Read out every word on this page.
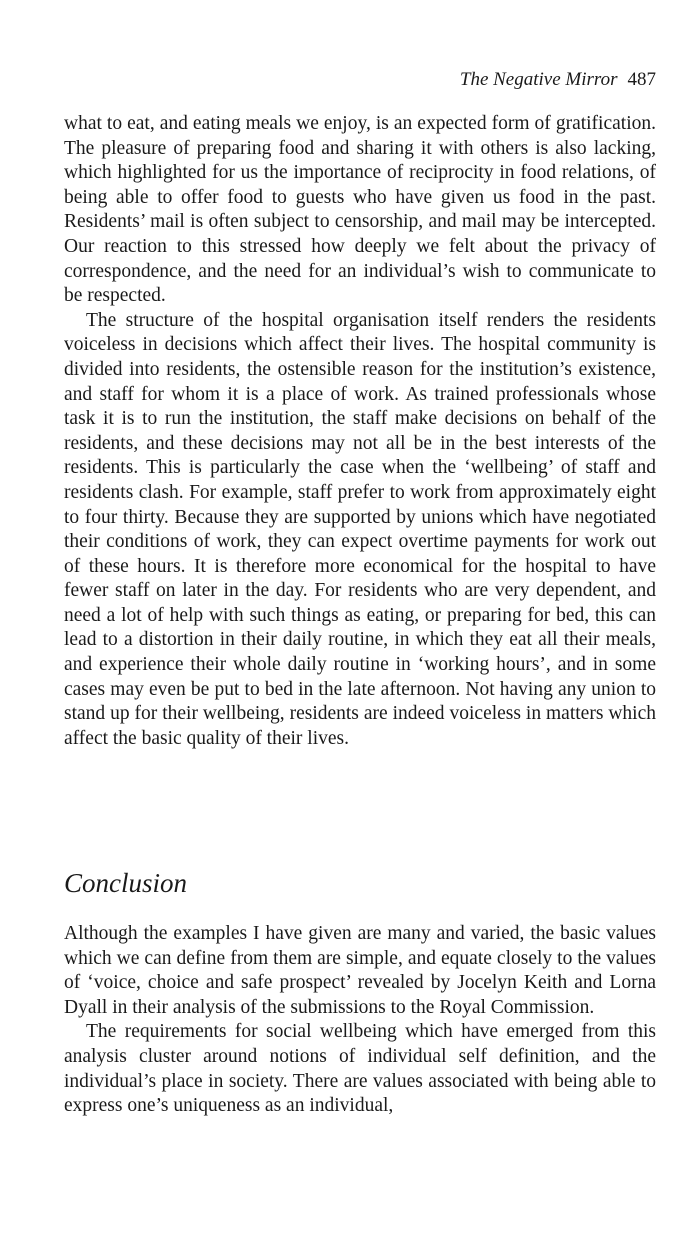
The Negative Mirror 487

what to eat, and eating meals we enjoy, is an expected form of gratification. The pleasure of preparing food and sharing it with others is also lacking, which highlighted for us the importance of reciprocity in food relations, of being able to offer food to guests who have given us food in the past. Residents’ mail is often subject to censorship, and mail may be intercepted. Our reaction to this stressed how deeply we felt about the privacy of correspondence, and the need for an individual’s wish to communicate to be respected.

The structure of the hospital organisation itself renders the residents voiceless in decisions which affect their lives. The hospital community is divided into residents, the ostensible reason for the institution’s existence, and staff for whom it is a place of work. As trained professionals whose task it is to run the institution, the staff make decisions on behalf of the residents, and these decisions may not all be in the best interests of the residents. This is particularly the case when the ‘wellbeing’ of staff and residents clash. For example, staff prefer to work from approximately eight to four thirty. Because they are supported by unions which have negotiated their conditions of work, they can expect overtime payments for work out of these hours. It is therefore more economical for the hospital to have fewer staff on later in the day. For residents who are very dependent, and need a lot of help with such things as eating, or preparing for bed, this can lead to a distortion in their daily routine, in which they eat all their meals, and experience their whole daily routine in ‘working hours’, and in some cases may even be put to bed in the late afternoon. Not having any union to stand up for their wellbeing, residents are indeed voiceless in matters which affect the basic quality of their lives.

Conclusion

Although the examples I have given are many and varied, the basic values which we can define from them are simple, and equate closely to the values of ‘voice, choice and safe prospect’ revealed by Jocelyn Keith and Lorna Dyall in their analysis of the submissions to the Royal Commission.

The requirements for social wellbeing which have emerged from this analysis cluster around notions of individual self definition, and the individual’s place in society. There are values associated with being able to express one’s uniqueness as an individual,
